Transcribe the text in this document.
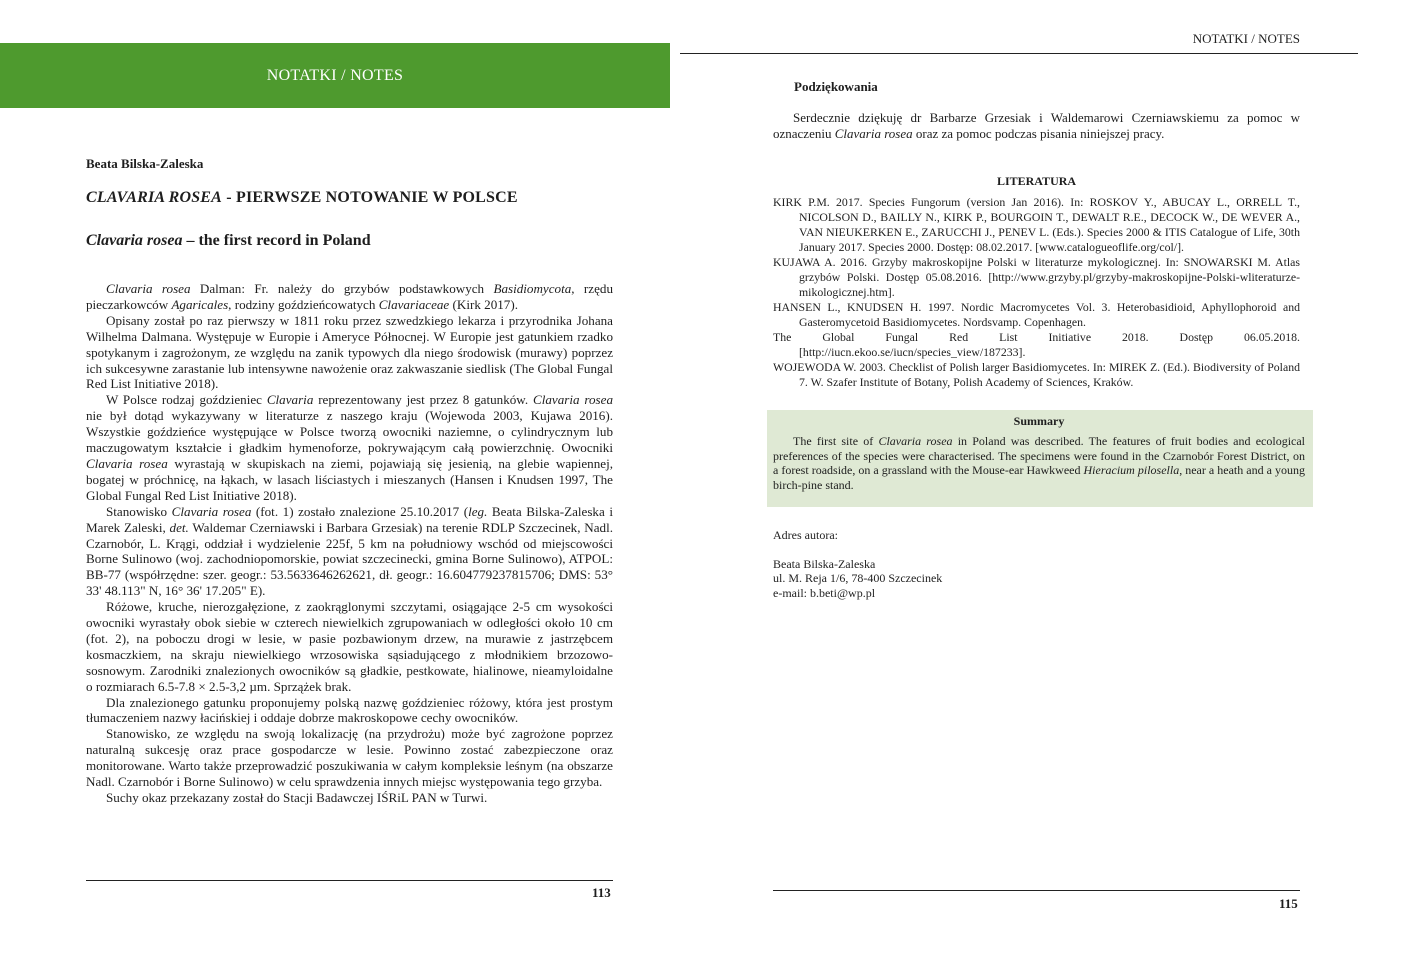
NOTATKI / NOTES
Beata Bilska-Zaleska
CLAVARIA ROSEA - PIERWSZE NOTOWANIE W POLSCE
Clavaria rosea – the first record in Poland

Clavaria rosea Dalman: Fr. należy do grzybów podstawkowych Basidiomycota, rzędu pieczarkowców Agaricales, rodziny goździeńcowatych Clavariaceae (Kirk 2017).

Opisany został po raz pierwszy w 1811 roku przez szwedzkiego lekarza i przyrodnika Johana Wilhelma Dalmana. Występuje w Europie i Ameryce Północnej. W Europie jest gatunkiem rzadko spotykanym i zagrożonym, ze względu na zanik typowych dla niego środowisk (murawy) poprzez ich sukcesywne zarastanie lub intensywne nawożenie oraz zakwaszanie siedlisk (The Global Fungal Red List Initiative 2018).

W Polsce rodzaj goździeniec Clavaria reprezentowany jest przez 8 gatunków. Clavaria rosea nie był dotąd wykazywany w literaturze z naszego kraju (Wojewoda 2003, Kujawa 2016). Wszystkie goździeńce występujące w Polsce tworzą owocniki naziemne, o cylindrycznym lub maczugowatym kształcie i gładkim hymenoforze, pokrywającym całą powierzchnię. Owocniki Clavaria rosea wyrastają w skupiskach na ziemi, pojawiają się jesienią, na glebie wapiennej, bogatej w próchnicę, na łąkach, w lasach liściastych i mieszanych (Hansen i Knudsen 1997, The Global Fungal Red List Initiative 2018).

Stanowisko Clavaria rosea (fot. 1) zostało znalezione 25.10.2017 (leg. Beata Bilska-Zaleska i Marek Zaleski, det. Waldemar Czerniawski i Barbara Grzesiak) na terenie RDLP Szczecinek, Nadl. Czarnobór, L. Krągi, oddział i wydzielenie 225f, 5 km na południowy wschód od miejscowości Borne Sulinowo (woj. zachodniopomorskie, powiat szczecinecki, gmina Borne Sulinowo), ATPOL: BB-77 (współrzędne: szer. geogr.: 53.5633646262621, dł. geogr.: 16.604779237815706; DMS: 53° 33' 48.113" N, 16° 36' 17.205" E).

Różowe, kruche, nierozgałęzione, z zaokrąglonymi szczytami, osiągające 2-5 cm wysokości owocniki wyrastały obok siebie w czterech niewielkich zgrupowaniach w odległości około 10 cm (fot. 2), na poboczu drogi w lesie, w pasie pozbawionym drzew, na murawie z jastrzębcem kosmaczkiem, na skraju niewielkiego wrzosowiska sąsiadującego z młodnikiem brzozowo-sosnowym. Zarodniki znalezionych owocników są gładkie, pestkowate, hialinowe, nieamyloidalne o rozmiarach 6.5-7.8 × 2.5-3,2 µm. Sprzążek brak.

Dla znalezionego gatunku proponujemy polską nazwę goździeniec różowy, która jest prostym tłumaczeniem nazwy łacińskiej i oddaje dobrze makroskopowe cechy owocników.

Stanowisko, ze względu na swoją lokalizację (na przydrożu) może być zagrożone poprzez naturalną sukcesję oraz prace gospodarcze w lesie. Powinno zostać zabezpieczone oraz monitorowane. Warto także przeprowadzić poszukiwania w całym kompleksie leśnym (na obszarze Nadl. Czarnobór i Borne Sulinowo) w celu sprawdzenia innych miejsc występowania tego grzyba.

Suchy okaz przekazany został do Stacji Badawczej IŚRiL PAN w Turwi.

113
NOTATKI / NOTES
Podziękowania

Serdecznie dziękuję dr Barbarze Grzesiak i Waldemarowi Czerniawskiemu za pomoc w oznaczeniu Clavaria rosea oraz za pomoc podczas pisania niniejszej pracy.

LITERATURA
KIRK P.M. 2017. Species Fungorum (version Jan 2016). In: ROSKOV Y., ABUCAY L., ORRELL T., NICOLSON D., BAILLY N., KIRK P., BOURGOIN T., DEWALT R.E., DECOCK W., DE WEVER A., VAN NIEUKERKEN E., ZARUCCHI J., PENEV L. (Eds.). Species 2000 & ITIS Catalogue of Life, 30th January 2017. Species 2000. Dostęp: 08.02.2017. [www.catalogueoflife.org/col/].
KUJAWA A. 2016. Grzyby makroskopijne Polski w literaturze mykologicznej. In: SNOWARSKI M. Atlas grzybów Polski. Dostęp 05.08.2016. [http://www.grzyby.pl/grzyby-makroskopijne-Polski-wliteraturze-mikologicznej.htm].
HANSEN L., KNUDSEN H. 1997. Nordic Macromycetes Vol. 3. Heterobasidioid, Aphyllophoroid and Gasteromycetoid Basidiomycetes. Nordsvamp. Copenhagen.
The Global Fungal Red List Initiative 2018. Dostęp 06.05.2018. [http://iucn.ekoo.se/iucn/species_view/187233].
WOJEWODA W. 2003. Checklist of Polish larger Basidiomycetes. In: MIREK Z. (Ed.). Biodiversity of Poland 7. W. Szafer Institute of Botany, Polish Academy of Sciences, Kraków.
Summary

The first site of Clavaria rosea in Poland was described. The features of fruit bodies and ecological preferences of the species were characterised. The specimens were found in the Czarnobór Forest District, on a forest roadside, on a grassland with the Mouse-ear Hawkweed Hieracium pilosella, near a heath and a young birch-pine stand.

Adres autora:
Beata Bilska-Zaleska
ul. M. Reja 1/6, 78-400 Szczecinek
e-mail: b.beti@wp.pl
115
